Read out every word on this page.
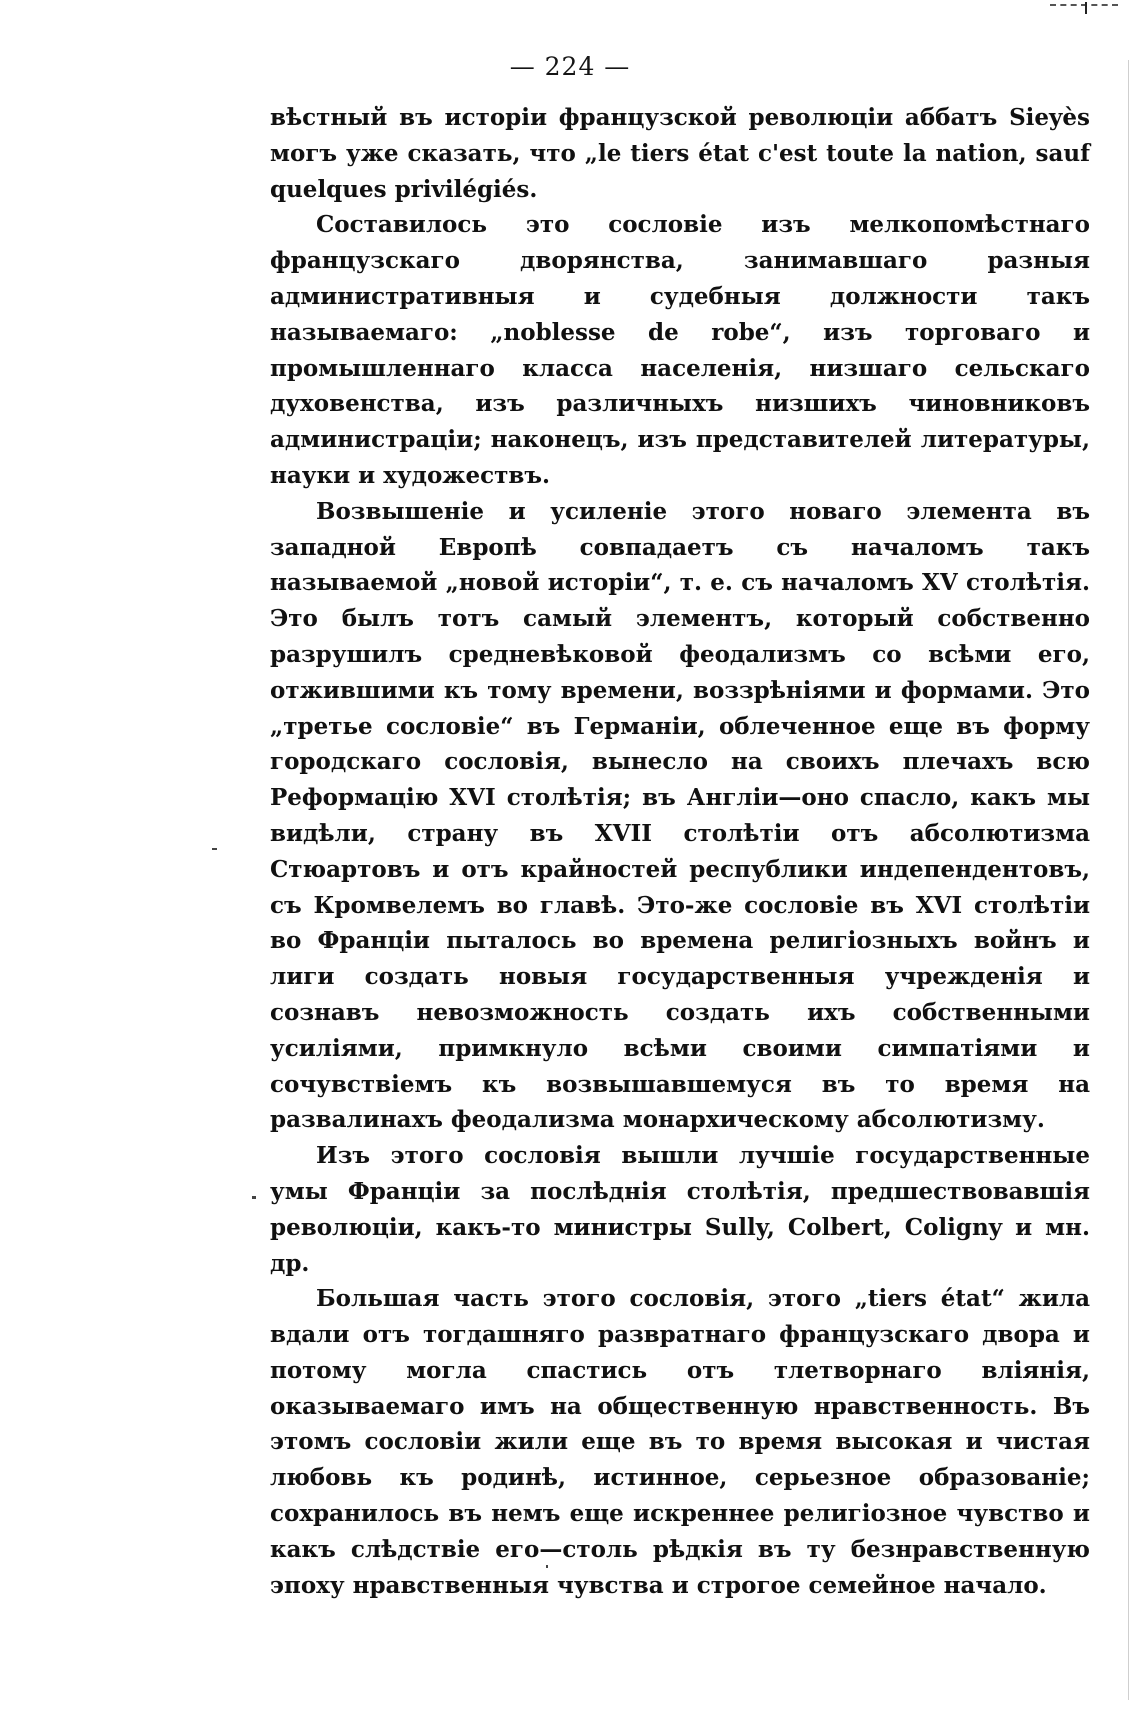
— 224 —

вѣстный въ исторіи французской революціи аббатъ Sieyès могъ уже сказать, что „le tiers état c'est toute la nation, sauf quelques privilégiés.

Составилось это сословіе изъ мелкопомѣстнаго французскаго дворянства, занимавшаго разныя административныя и судебныя должности такъ называемаго: „noblesse de robe“, изъ торговаго и промышленнаго класса населенія, низшаго сельскаго духовенства, изъ различныхъ низшихъ чиновниковъ администраціи; наконецъ, изъ представителей литературы, науки и художествъ.

Возвышеніе и усиленіе этого новаго элемента въ западной Европѣ совпадаетъ съ началомъ такъ называемой „новой исторіи“, т. е. съ началомъ XV столѣтія. Это былъ тотъ самый элементъ, который собственно разрушилъ средневѣковой феодализмъ со всѣми его, отжившими къ тому времени, воззрѣніями и формами. Это „третье сословіе“ въ Германіи, облеченное еще въ форму городскаго сословія, вынесло на своихъ плечахъ всю Реформацію XVI столѣтія; въ Англіи—оно спасло, какъ мы видѣли, страну въ XVII столѣтіи отъ абсолютизма Стюартовъ и отъ крайностей республики индепендентовъ, съ Кромвелемъ во главѣ. Это-же сословіе въ XVI столѣтіи во Франціи пыталось во времена религіозныхъ войнъ и лиги создать новыя государственныя учрежденія и сознавъ невозможность создать ихъ собственными усиліями, примкнуло всѣми своими симпатіями и сочувствіемъ къ возвышавшемуся въ то время на развалинахъ феодализма монархическому абсолютизму.

Изъ этого сословія вышли лучшіе государственные умы Франціи за послѣднія столѣтія, предшествовавшія революціи, какъ-то министры Sully, Colbert, Coligny и мн. др.

Большая часть этого сословія, этого „tiers état“ жила вдали отъ тогдашняго развратнаго французскаго двора и потому могла спастись отъ тлетворнаго вліянія, оказываемаго имъ на общественную нравственность. Въ этомъ сословіи жили еще въ то время высокая и чистая любовь къ родинѣ, истинное, серьезное образованіе; сохранилось въ немъ еще искреннее религіозное чувство и какъ слѣдствіе его—столь рѣдкія въ ту безнравственную эпоху нравственныя чувства и строгое семейное начало.
